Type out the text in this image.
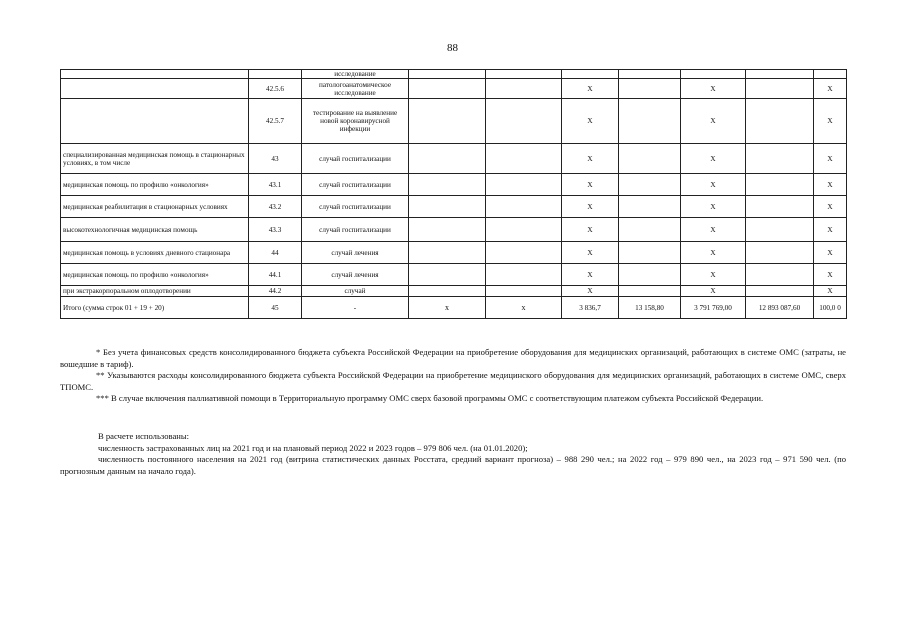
88
		исследование							
	42.5.6	патологоанатомическое исследование			X		X		X
	42.5.7	тестирование на выявление новой коронавирусной инфекции			X		X		X
специализированная медицинская помощь в стационарных условиях, в том числе	43	случай госпитализации			X		X		X
медицинская помощь по профилю «онкология»	43.1	случай госпитализации			X		X		X
медицинская реабилитация в стационарных условиях	43.2	случай госпитализации			X		X		X
высокотехнологичная медицинская помощь	43.3	случай госпитализации			X		X		X
медицинская помощь в условиях дневного стационара	44	случай лечения			X		X		X
медицинская помощь по профилю «онкология»	44.1	случай лечения			X		X		X
при экстракорпоральном оплодотворении	44.2	случай			X		X		X
Итого (сумма строк 01 + 19 + 20)	45	-	х	х	3 836,7	13 158,80	3 791 769,00	12 893 087,60	100,0 0

* Без учета финансовых средств консолидированного бюджета субъекта Российской Федерации на приобретение оборудования для медицинских организаций, работающих в системе ОМС (затраты, не вошедшие в тариф).

** Указываются расходы консолидированного бюджета субъекта Российской Федерации на приобретение медицинского оборудования для медицинских организаций, работающих в системе ОМС, сверх ТПОМС.

*** В случае включения паллиативной помощи в Территориальную программу ОМС сверх базовой программы ОМС с соответствующим платежом субъекта Российской Федерации.

В расчете использованы:

численность застрахованных лиц на 2021 год и на плановый период 2022 и 2023 годов – 979 806 чел. (на 01.01.2020);

численность постоянного населения на 2021 год (витрина статистических данных Росстата, средний вариант прогноза) – 988 290 чел.; на 2022 год – 979 890 чел., на 2023 год – 971 590 чел. (по прогнозным данным на начало года).
